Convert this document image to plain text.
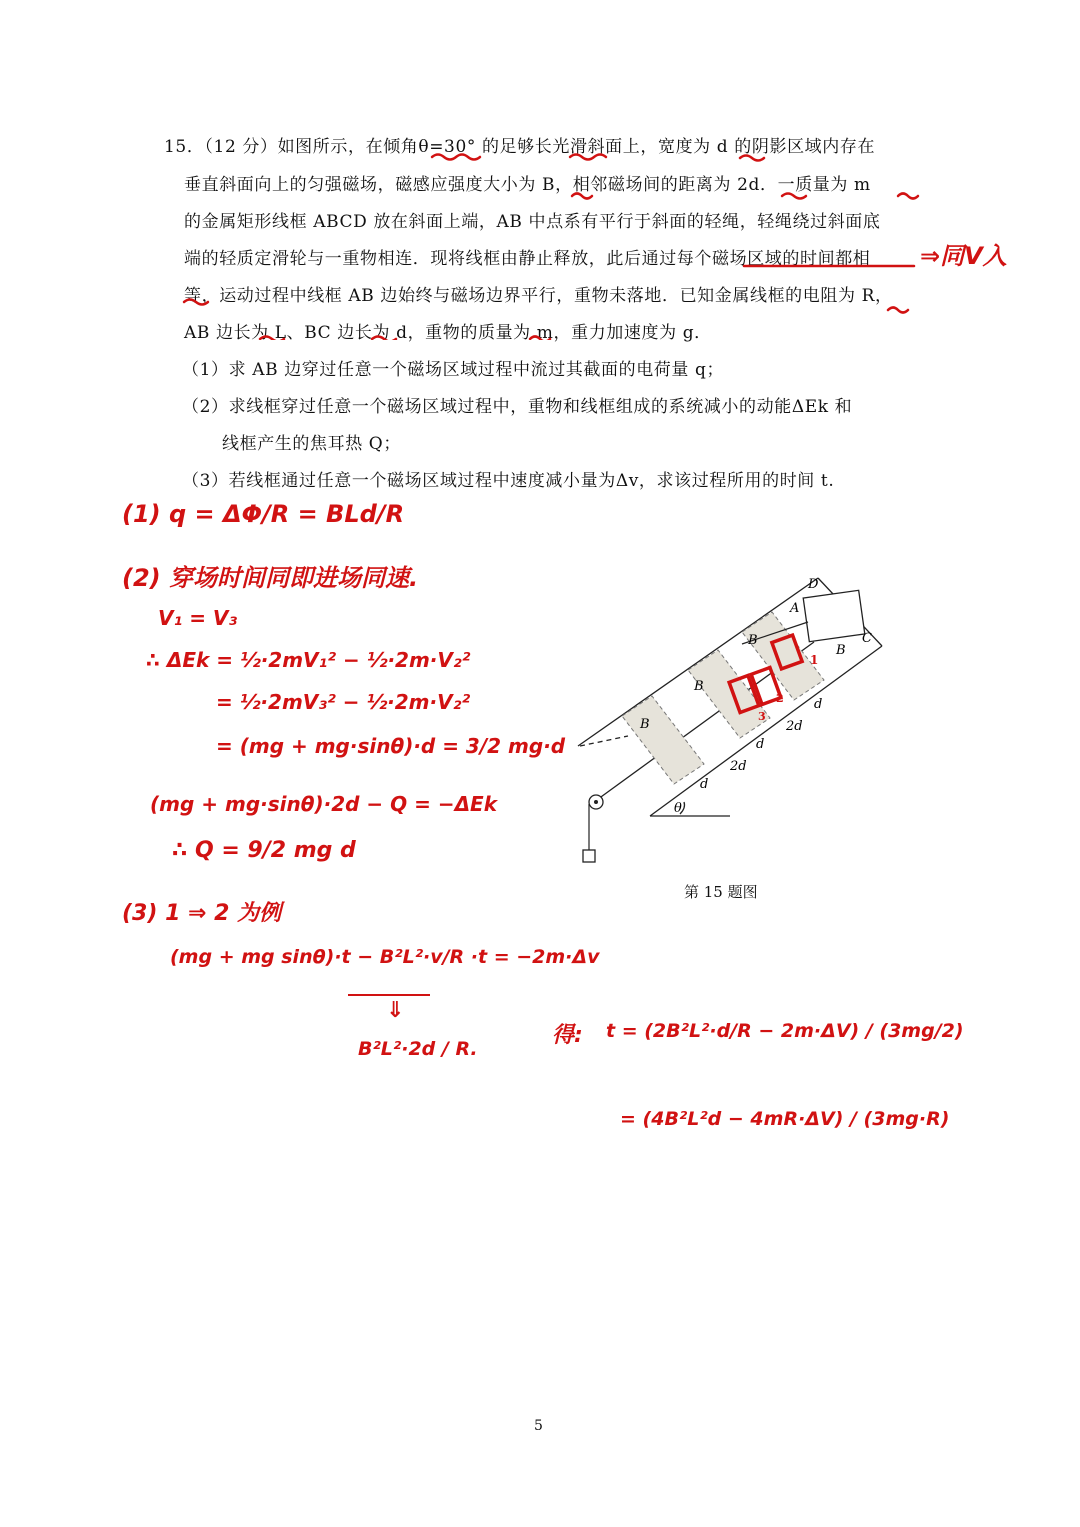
15．（12 分）如图所示，在倾角θ=30° 的足够长光滑斜面上，宽度为 d 的阴影区域内存在
垂直斜面向上的匀强磁场，磁感应强度大小为 B，相邻磁场间的距离为 2d．一质量为 m
的金属矩形线框 ABCD 放在斜面上端，AB 中点系有平行于斜面的轻绳，轻绳绕过斜面底
端的轻质定滑轮与一重物相连．现将线框由静止释放，此后通过每个磁场区域的时间都相
等，运动过程中线框 AB 边始终与磁场边界平行，重物未落地．已知金属线框的电阻为 R，
AB 边长为 L、BC 边长为 d，重物的质量为 m，重力加速度为 g．
（1）求 AB 边穿过任意一个磁场区域过程中流过其截面的电荷量 q；
（2）求线框穿过任意一个磁场区域过程中，重物和线框组成的系统减小的动能ΔEk 和
线框产生的焦耳热 Q；
（3）若线框通过任意一个磁场区域过程中速度减小量为Δv，求该过程所用的时间 t.
D
A
C
B
B
B
B
d
2d
d
2d
d
θ
1
2
3
第 15 题图
⇒同V入
(1) q = ΔΦ/R = BLd/R
(2) 穿场时间同即进场同速.
V₁ = V₃
∴ ΔEk = ½·2mV₁² − ½·2m·V₂²
= ½·2mV₃² − ½·2m·V₂²
= (mg + mg·sinθ)·d = 3/2 mg·d
(mg + mg·sinθ)·2d − Q = −ΔEk
∴ Q = 9/2 mg d
(3) 1 ⇒ 2 为例
(mg + mg sinθ)·t − B²L²·v/R ·t = −2m·Δv
⇓
B²L²·2d / R.
得: t = (2B²L²·d/R − 2m·ΔV) / (3mg/2)
= (4B²L²d − 4mR·ΔV) / (3mg·R)
5
